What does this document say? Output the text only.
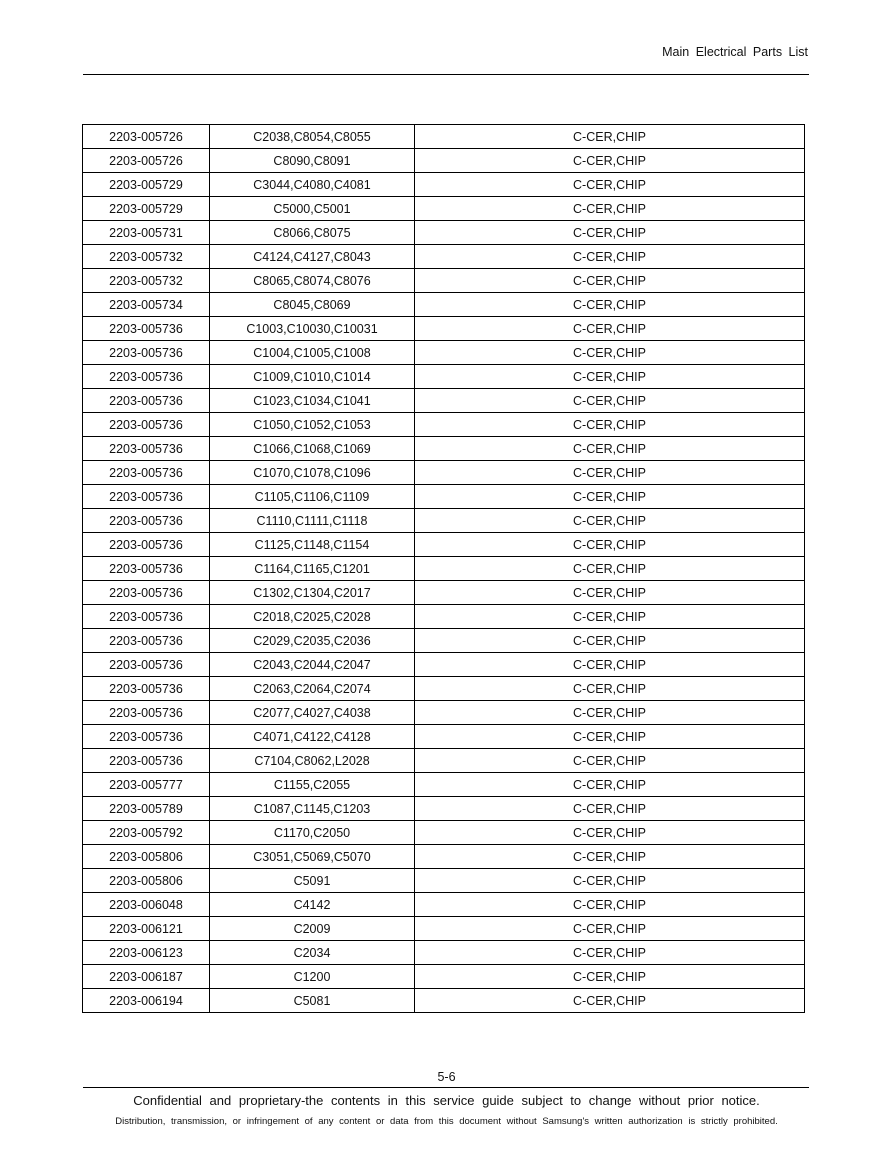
Main Electrical Parts List
2203-005726	C2038,C8054,C8055	C-CER,CHIP
2203-005726	C8090,C8091	C-CER,CHIP
2203-005729	C3044,C4080,C4081	C-CER,CHIP
2203-005729	C5000,C5001	C-CER,CHIP
2203-005731	C8066,C8075	C-CER,CHIP
2203-005732	C4124,C4127,C8043	C-CER,CHIP
2203-005732	C8065,C8074,C8076	C-CER,CHIP
2203-005734	C8045,C8069	C-CER,CHIP
2203-005736	C1003,C10030,C10031	C-CER,CHIP
2203-005736	C1004,C1005,C1008	C-CER,CHIP
2203-005736	C1009,C1010,C1014	C-CER,CHIP
2203-005736	C1023,C1034,C1041	C-CER,CHIP
2203-005736	C1050,C1052,C1053	C-CER,CHIP
2203-005736	C1066,C1068,C1069	C-CER,CHIP
2203-005736	C1070,C1078,C1096	C-CER,CHIP
2203-005736	C1105,C1106,C1109	C-CER,CHIP
2203-005736	C1110,C1111,C1118	C-CER,CHIP
2203-005736	C1125,C1148,C1154	C-CER,CHIP
2203-005736	C1164,C1165,C1201	C-CER,CHIP
2203-005736	C1302,C1304,C2017	C-CER,CHIP
2203-005736	C2018,C2025,C2028	C-CER,CHIP
2203-005736	C2029,C2035,C2036	C-CER,CHIP
2203-005736	C2043,C2044,C2047	C-CER,CHIP
2203-005736	C2063,C2064,C2074	C-CER,CHIP
2203-005736	C2077,C4027,C4038	C-CER,CHIP
2203-005736	C4071,C4122,C4128	C-CER,CHIP
2203-005736	C7104,C8062,L2028	C-CER,CHIP
2203-005777	C1155,C2055	C-CER,CHIP
2203-005789	C1087,C1145,C1203	C-CER,CHIP
2203-005792	C1170,C2050	C-CER,CHIP
2203-005806	C3051,C5069,C5070	C-CER,CHIP
2203-005806	C5091	C-CER,CHIP
2203-006048	C4142	C-CER,CHIP
2203-006121	C2009	C-CER,CHIP
2203-006123	C2034	C-CER,CHIP
2203-006187	C1200	C-CER,CHIP
2203-006194	C5081	C-CER,CHIP
5-6
Confidential and proprietary-the contents in this service guide subject to change without prior notice.
Distribution, transmission, or infringement of any content or data from this document without Samsung's written authorization is strictly prohibited.
